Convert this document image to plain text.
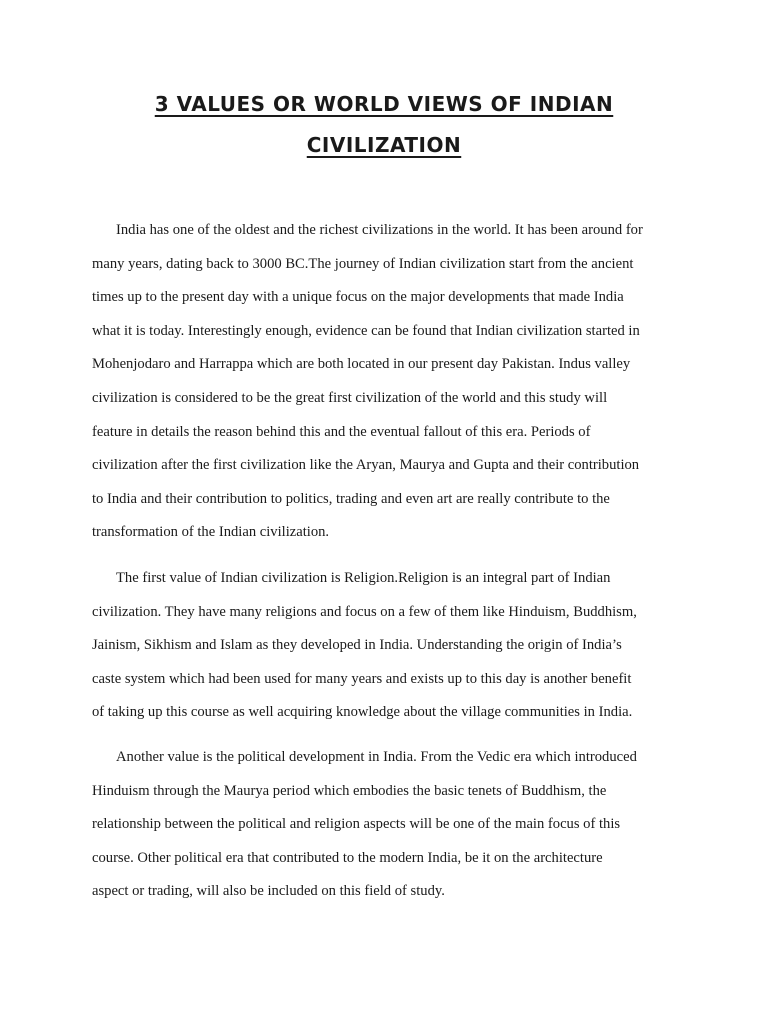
3 VALUES OR WORLD VIEWS OF INDIAN
CIVILIZATION

India has one of the oldest and the richest civilizations in the world. It has been around for

many years, dating back to 3000 BC.The journey of Indian civilization start from the ancient

times up to the present day with a unique focus on the major developments that made India

what it is today. Interestingly enough, evidence can be found that Indian civilization started in

Mohenjodaro and Harrappa which are both located in our present day Pakistan. Indus valley

civilization is considered to be the great first civilization of the world and this study will

feature in details the reason behind this and the eventual fallout of this era. Periods of

civilization after the first civilization like the Aryan, Maurya and Gupta and their contribution

to India and their contribution to politics, trading and even art are really contribute to the

transformation of the Indian civilization.

The first value of Indian civilization is Religion.Religion is an integral part of Indian

civilization. They have many religions and focus on a few of them like Hinduism, Buddhism,

Jainism, Sikhism and Islam as they developed in India. Understanding the origin of India’s

caste system which had been used for many years and exists up to this day is another benefit

of taking up this course as well acquiring knowledge about the village communities in India.

Another value is the political development in India. From the Vedic era which introduced

Hinduism through the Maurya period which embodies the basic tenets of Buddhism, the

relationship between the political and religion aspects will be one of the main focus of this

course. Other political era that contributed to the modern India, be it on the architecture

aspect or trading, will also be included on this field of study.
